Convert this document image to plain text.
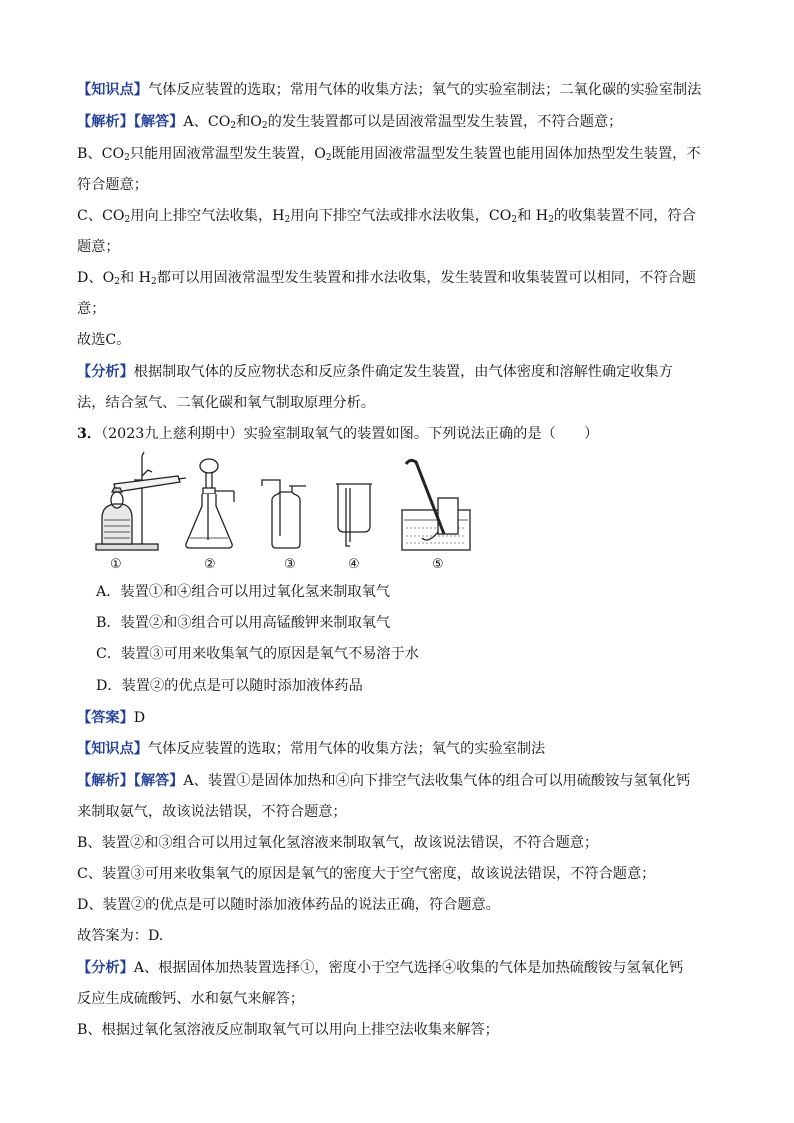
【知识点】气体反应装置的选取；常用气体的收集方法；氧气的实验室制法；二氧化碳的实验室制法
【解析】【解答】A、$CO_2$和$O_2$的发生装置都可以是固液常温型发生装置，不符合题意；
B、$CO_2$只能用固液常温型发生装置，$O_2$既能用固液常温型发生装置也能用固体加热型发生装置，不
符合题意；
C、$CO_2$用向上排空气法收集，$H_2$用向下排空气法或排水法收集，$CO_2$和 $H_2$的收集装置不同，符合
题意；
D、$O_2$和 $H_2$都可以用固液常温型发生装置和排水法收集，发生装置和收集装置可以相同，不符合题
意；
故选C。
【分析】根据制取气体的反应物状态和反应条件确定发生装置，由气体密度和溶解性确定收集方
法，结合氢气、二氧化碳和氧气制取原理分析。
3．（2023九上慈利期中）实验室制取氧气的装置如图。下列说法正确的是（　　）
①	②	③	④	⑤
A．装置①和④组合可以用过氧化氢来制取氧气
B．装置②和③组合可以用高锰酸钾来制取氧气
C．装置③可用来收集氧气的原因是氧气不易溶于水
D．装置②的优点是可以随时添加液体药品
【答案】D
【知识点】气体反应装置的选取；常用气体的收集方法；氧气的实验室制法
【解析】【解答】A、装置①是固体加热和④向下排空气法收集气体的组合可以用硫酸铵与氢氧化钙
来制取氨气，故该说法错误，不符合题意；
B、装置②和③组合可以用过氧化氢溶液来制取氧气，故该说法错误，不符合题意；
C、装置③可用来收集氧气的原因是氧气的密度大于空气密度，故该说法错误，不符合题意；
D、装置②的优点是可以随时添加液体药品的说法正确，符合题意。
故答案为：D.
【分析】A、根据固体加热装置选择①，密度小于空气选择④收集的气体是加热硫酸铵与氢氧化钙
反应生成硫酸钙、水和氨气来解答；
B、根据过氧化氢溶液反应制取氧气可以用向上排空法收集来解答；
